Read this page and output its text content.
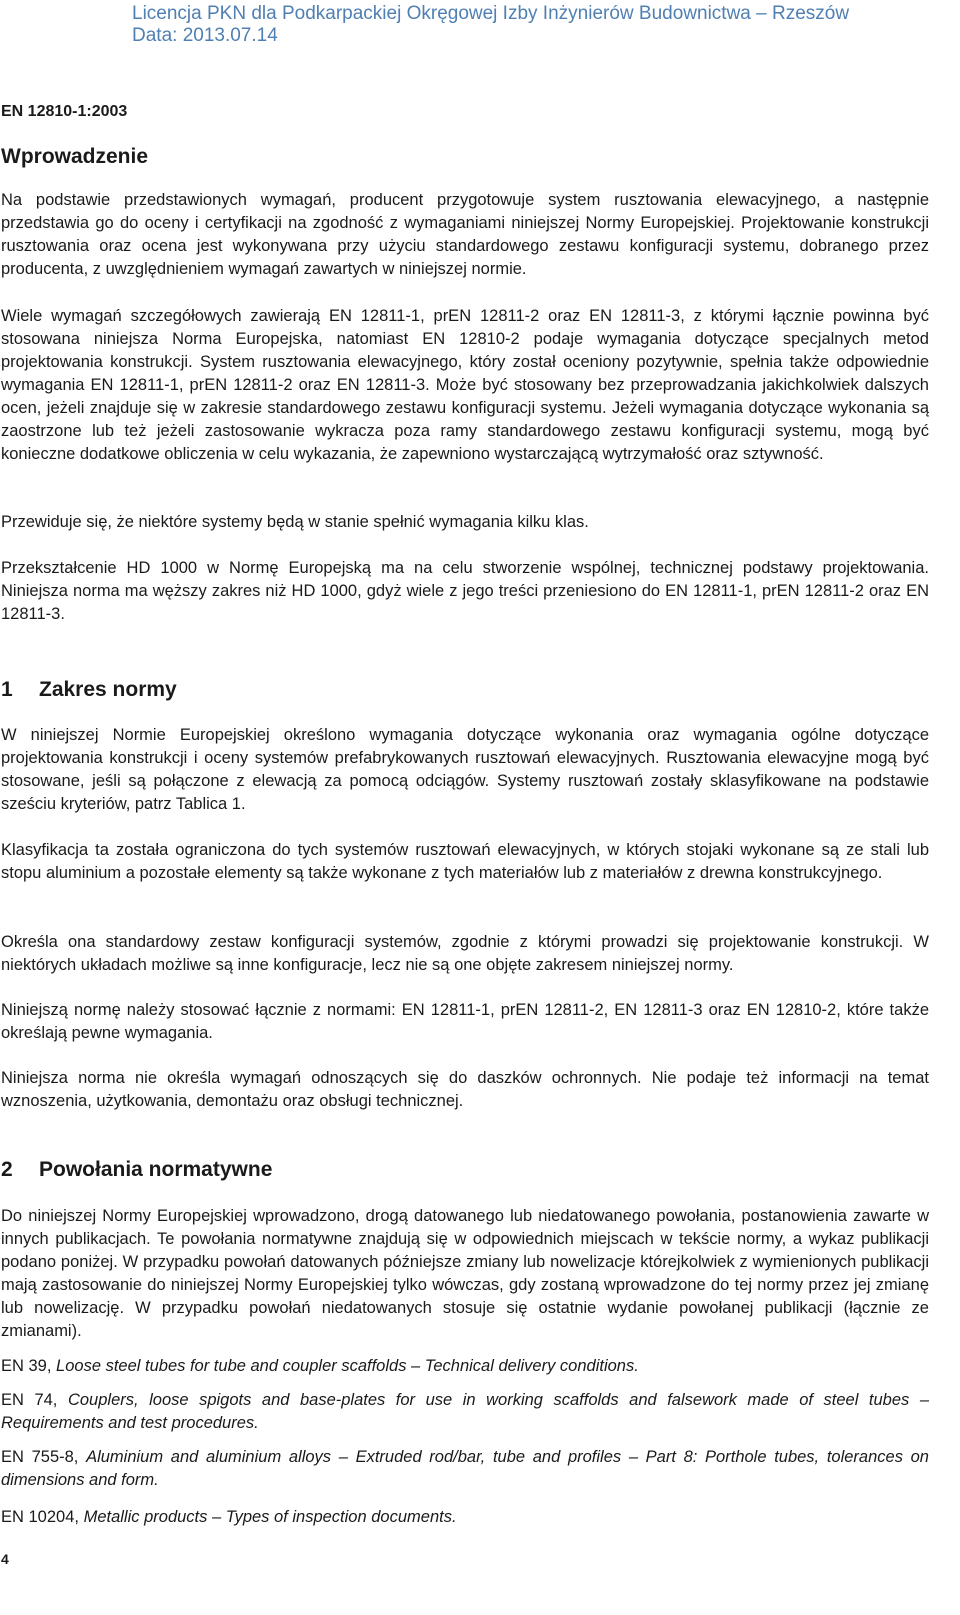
Licencja PKN dla Podkarpackiej Okręgowej Izby Inżynierów Budownictwa – Rzeszów
Data: 2013.07.14
EN 12810-1:2003
Wprowadzenie

Na podstawie przedstawionych wymagań, producent przygotowuje system rusztowania elewacyjnego, a następnie przedstawia go do oceny i certyfikacji na zgodność z wymaganiami niniejszej Normy Europejskiej. Projektowanie konstrukcji rusztowania oraz ocena jest wykonywana przy użyciu standardowego zestawu konfiguracji systemu, dobranego przez producenta, z uwzględnieniem wymagań zawartych w niniejszej normie.

Wiele wymagań szczegółowych zawierają EN 12811-1, prEN 12811-2 oraz EN 12811-3, z którymi łącznie powinna być stosowana niniejsza Norma Europejska, natomiast EN 12810-2 podaje wymagania dotyczące specjalnych metod projektowania konstrukcji. System rusztowania elewacyjnego, który został oceniony pozytywnie, spełnia także odpowiednie wymagania EN 12811-1, prEN 12811-2 oraz EN 12811-3. Może być stosowany bez przeprowadzania jakichkolwiek dalszych ocen, jeżeli znajduje się w zakresie standardowego zestawu konfiguracji systemu. Jeżeli wymagania dotyczące wykonania są zaostrzone lub też jeżeli zastosowanie wykracza poza ramy standardowego zestawu konfiguracji systemu, mogą być konieczne dodatkowe obliczenia w celu wykazania, że zapewniono wystarczającą wytrzymałość oraz sztywność.

Przewiduje się, że niektóre systemy będą w stanie spełnić wymagania kilku klas.

Przekształcenie HD 1000 w Normę Europejską ma na celu stworzenie wspólnej, technicznej podstawy projektowania. Niniejsza norma ma węższy zakres niż HD 1000, gdyż wiele z jego treści przeniesiono do EN 12811-1, prEN 12811-2 oraz EN 12811-3.

1 Zakres normy

W niniejszej Normie Europejskiej określono wymagania dotyczące wykonania oraz wymagania ogólne dotyczące projektowania konstrukcji i oceny systemów prefabrykowanych rusztowań elewacyjnych. Rusztowania elewacyjne mogą być stosowane, jeśli są połączone z elewacją za pomocą odciągów. Systemy rusztowań zostały sklasyfikowane na podstawie sześciu kryteriów, patrz Tablica 1.

Klasyfikacja ta została ograniczona do tych systemów rusztowań elewacyjnych, w których stojaki wykonane są ze stali lub stopu aluminium a pozostałe elementy są także wykonane z tych materiałów lub z materiałów z drewna konstrukcyjnego.

Określa ona standardowy zestaw konfiguracji systemów, zgodnie z którymi prowadzi się projektowanie konstrukcji. W niektórych układach możliwe są inne konfiguracje, lecz nie są one objęte zakresem niniejszej normy.

Niniejszą normę należy stosować łącznie z normami: EN 12811-1, prEN 12811-2, EN 12811-3 oraz EN 12810-2, które także określają pewne wymagania.

Niniejsza norma nie określa wymagań odnoszących się do daszków ochronnych. Nie podaje też informacji na temat wznoszenia, użytkowania, demontażu oraz obsługi technicznej.

2 Powołania normatywne

Do niniejszej Normy Europejskiej wprowadzono, drogą datowanego lub niedatowanego powołania, postanowienia zawarte w innych publikacjach. Te powołania normatywne znajdują się w odpowiednich miejscach w tekście normy, a wykaz publikacji podano poniżej. W przypadku powołań datowanych późniejsze zmiany lub nowelizacje którejkolwiek z wymienionych publikacji mają zastosowanie do niniejszej Normy Europejskiej tylko wówczas, gdy zostaną wprowadzone do tej normy przez jej zmianę lub nowelizację. W przypadku powołań niedatowanych stosuje się ostatnie wydanie powołanej publikacji (łącznie ze zmianami).

EN 39, Loose steel tubes for tube and coupler scaffolds – Technical delivery conditions.

EN 74, Couplers, loose spigots and base-plates for use in working scaffolds and falsework made of steel tubes – Requirements and test procedures.

EN 755-8, Aluminium and aluminium alloys – Extruded rod/bar, tube and profiles – Part 8: Porthole tubes, tolerances on dimensions and form.

EN 10204, Metallic products – Types of inspection documents.

4
